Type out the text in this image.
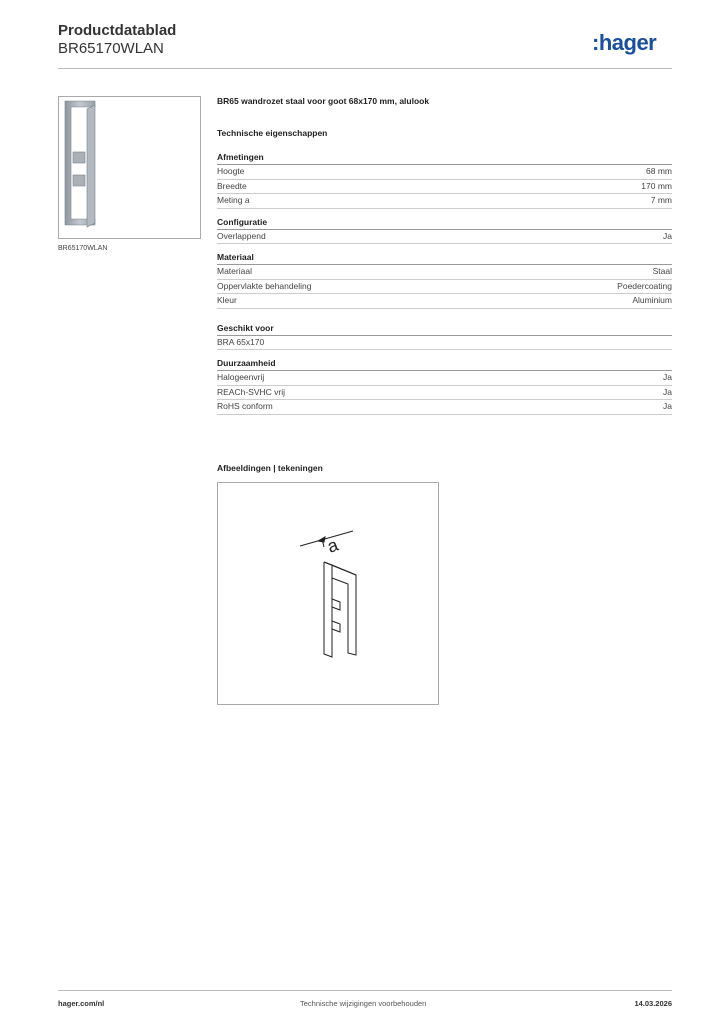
Productdatablad
BR65170WLAN	:hager
BR65170WLAN
BR65 wandrozet staal voor goot 68x170 mm, alulook
Technische eigenschappen
Afmetingen
Hoogte	68 mm
Breedte	170 mm
Meting a	7 mm
Configuratie
Overlappend	Ja
Materiaal
Materiaal	Staal
Oppervlakte behandeling	Poedercoating
Kleur	Aluminium
Geschikt voor
BRA 65x170
Duurzaamheid
Halogeenvrij	Ja
REACh-SVHC vrij	Ja
RoHS conform	Ja
Afbeeldingen | tekeningen
a
hager.com/nl	Technische wijzigingen voorbehouden	14.03.2026
